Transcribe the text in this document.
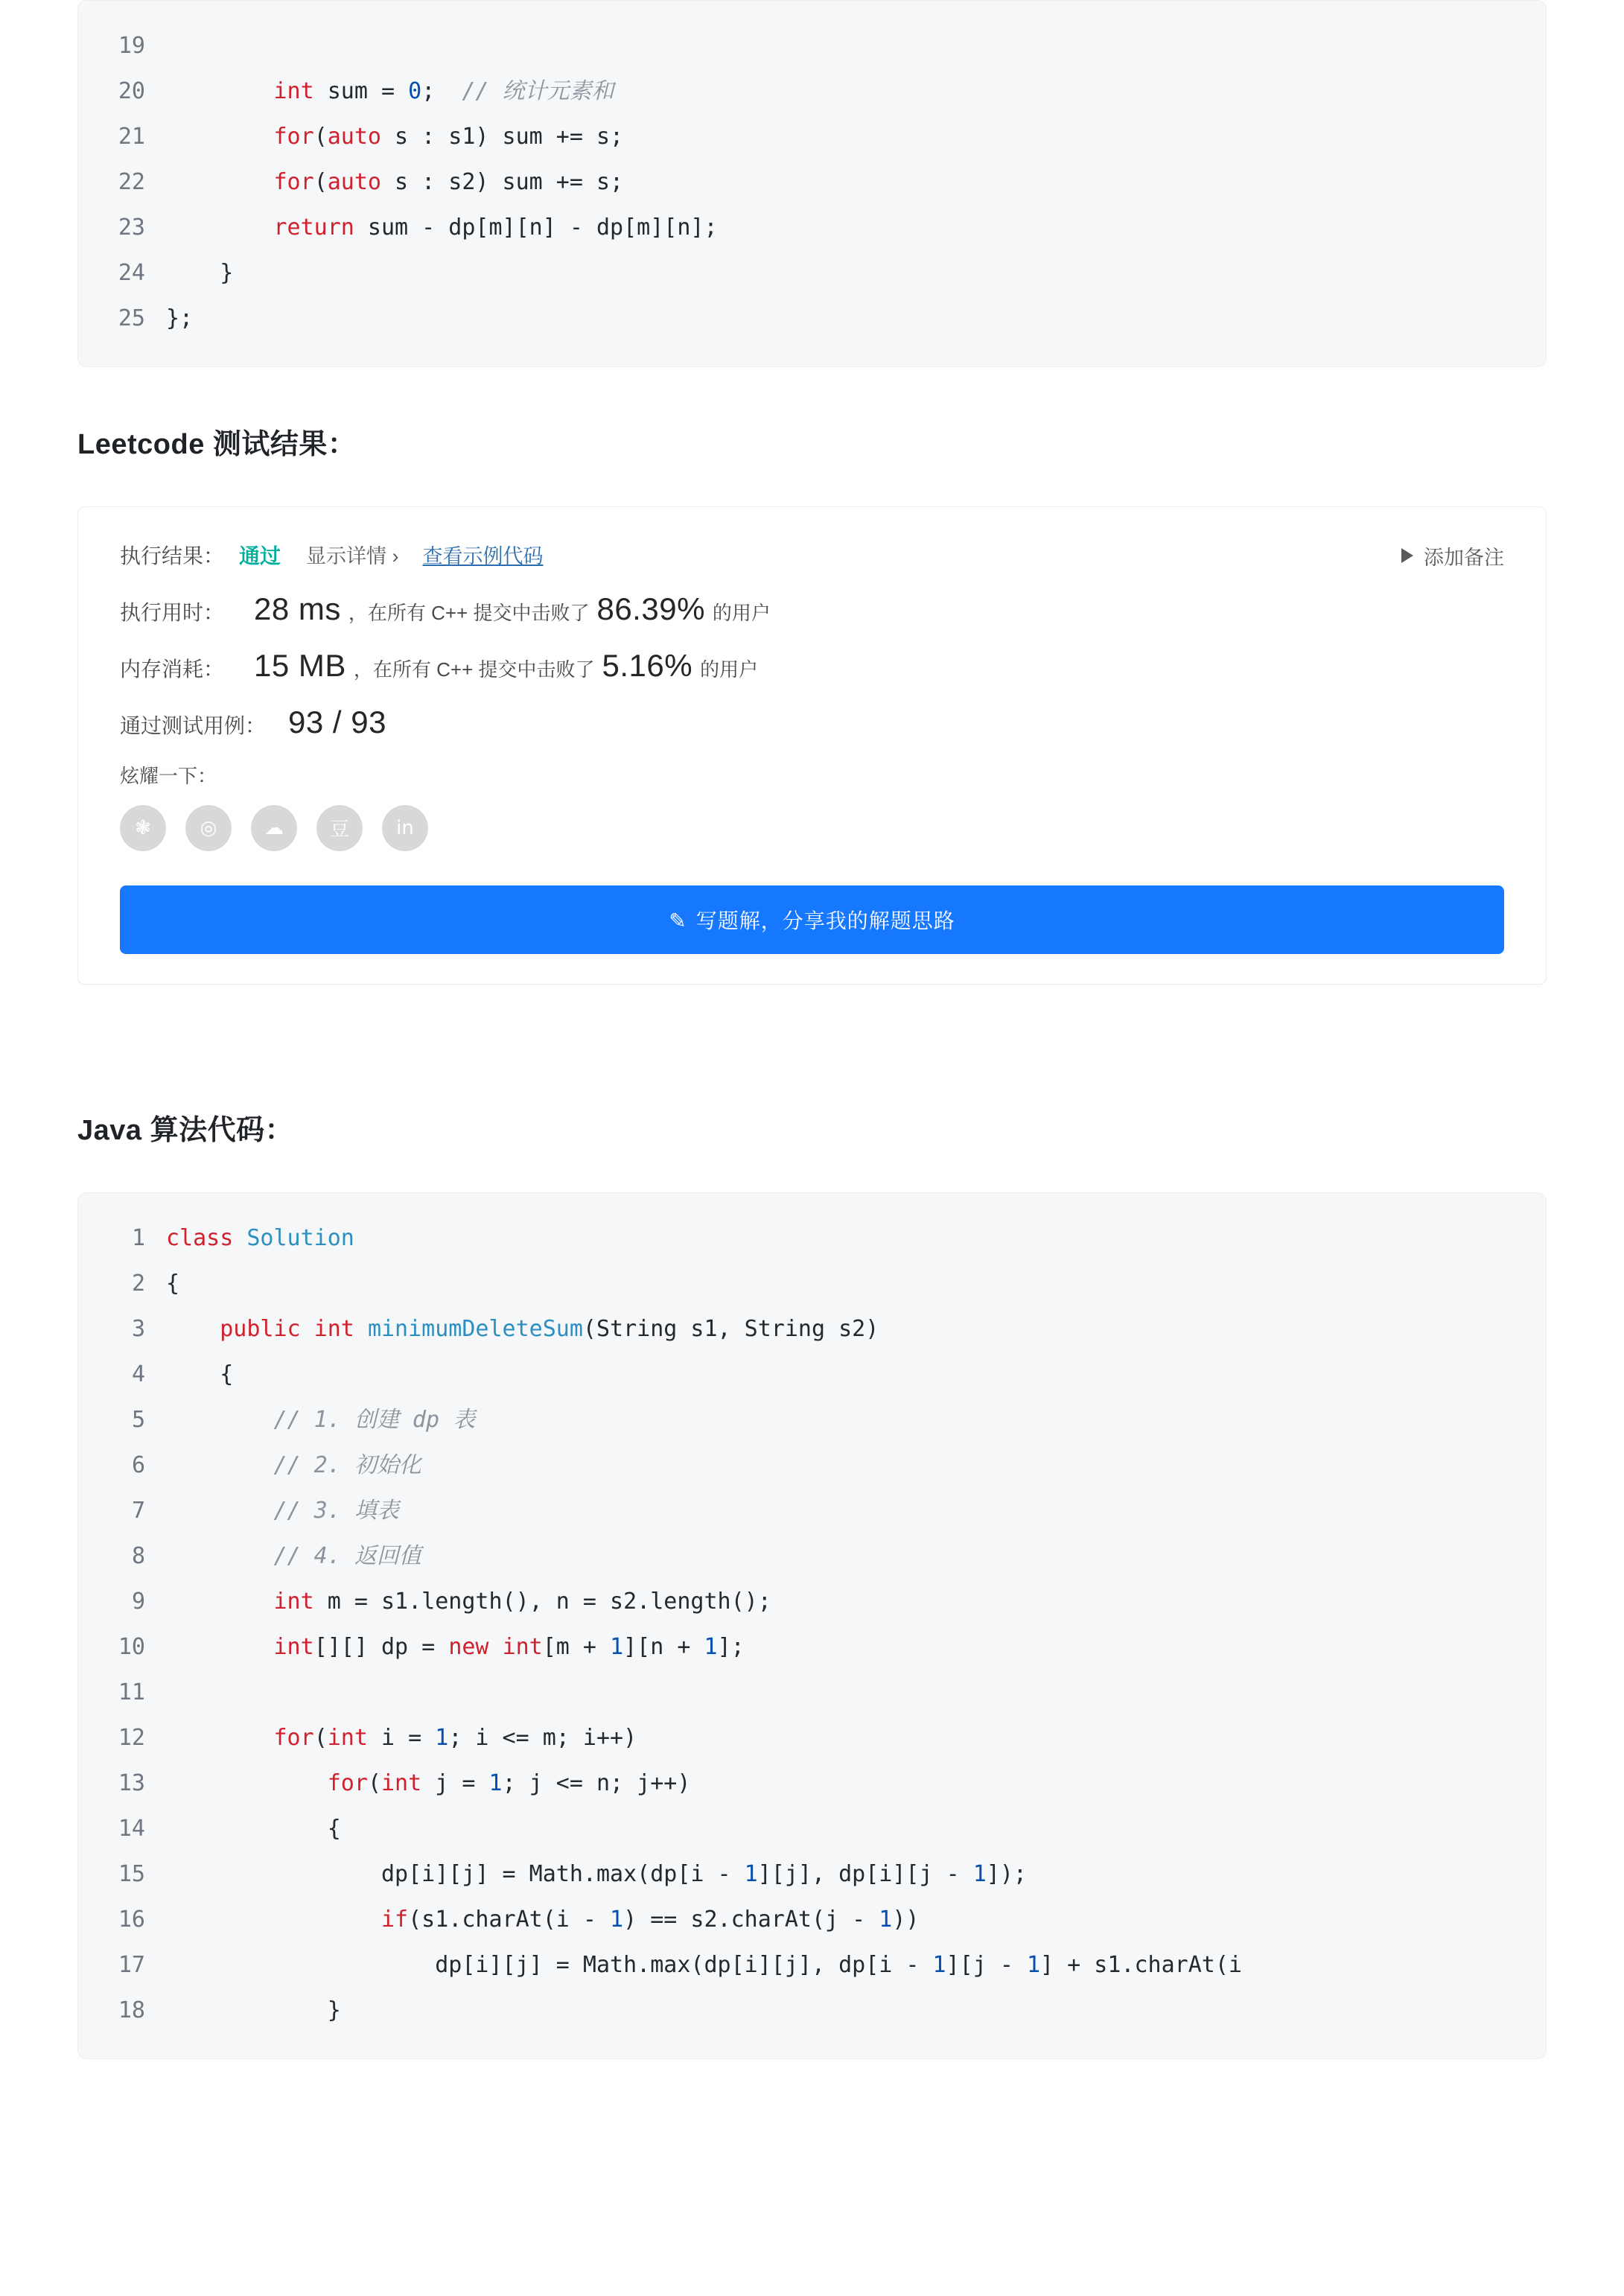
19

20	int sum = 0;  // 统计元素和
21	for(auto s : s1) sum += s;
22	for(auto s : s2) sum += s;
23	return sum - dp[m][n] - dp[m][n];
24 }
25 };
Leetcode 测试结果：
执行结果： 通过 显示详情 › 查看示例代码	添加备注
执行用时： 28 ms ，在所有 C++ 提交中击败了 86.39% 的用户
内存消耗： 15 MB ，在所有 C++ 提交中击败了 5.16% 的用户
通过测试用例： 93 / 93
炫耀一下：
❃	◎	☁	豆	in
✎ 写题解，分享我的解题思路
Java 算法代码：
1 class Solution
2 {
3	public int minimumDeleteSum(String s1, String s2)
4 {
5	// 1. 创建 dp 表
6	// 2. 初始化
7	// 3. 填表
8	// 4. 返回值
9	int m = s1.length(), n = s2.length();
10	int[][] dp = new int[m + 1][n + 1];
11

12	for(int i = 1; i <= m; i++)
13	for(int j = 1; j <= n; j++)
14 {
15 dp[i][j] = Math.max(dp[i - 1][j], dp[i][j - 1]);
16	if(s1.charAt(i - 1) == s2.charAt(j - 1))
17 dp[i][j] = Math.max(dp[i][j], dp[i - 1][j - 1] + s1.charAt(i
18 }
